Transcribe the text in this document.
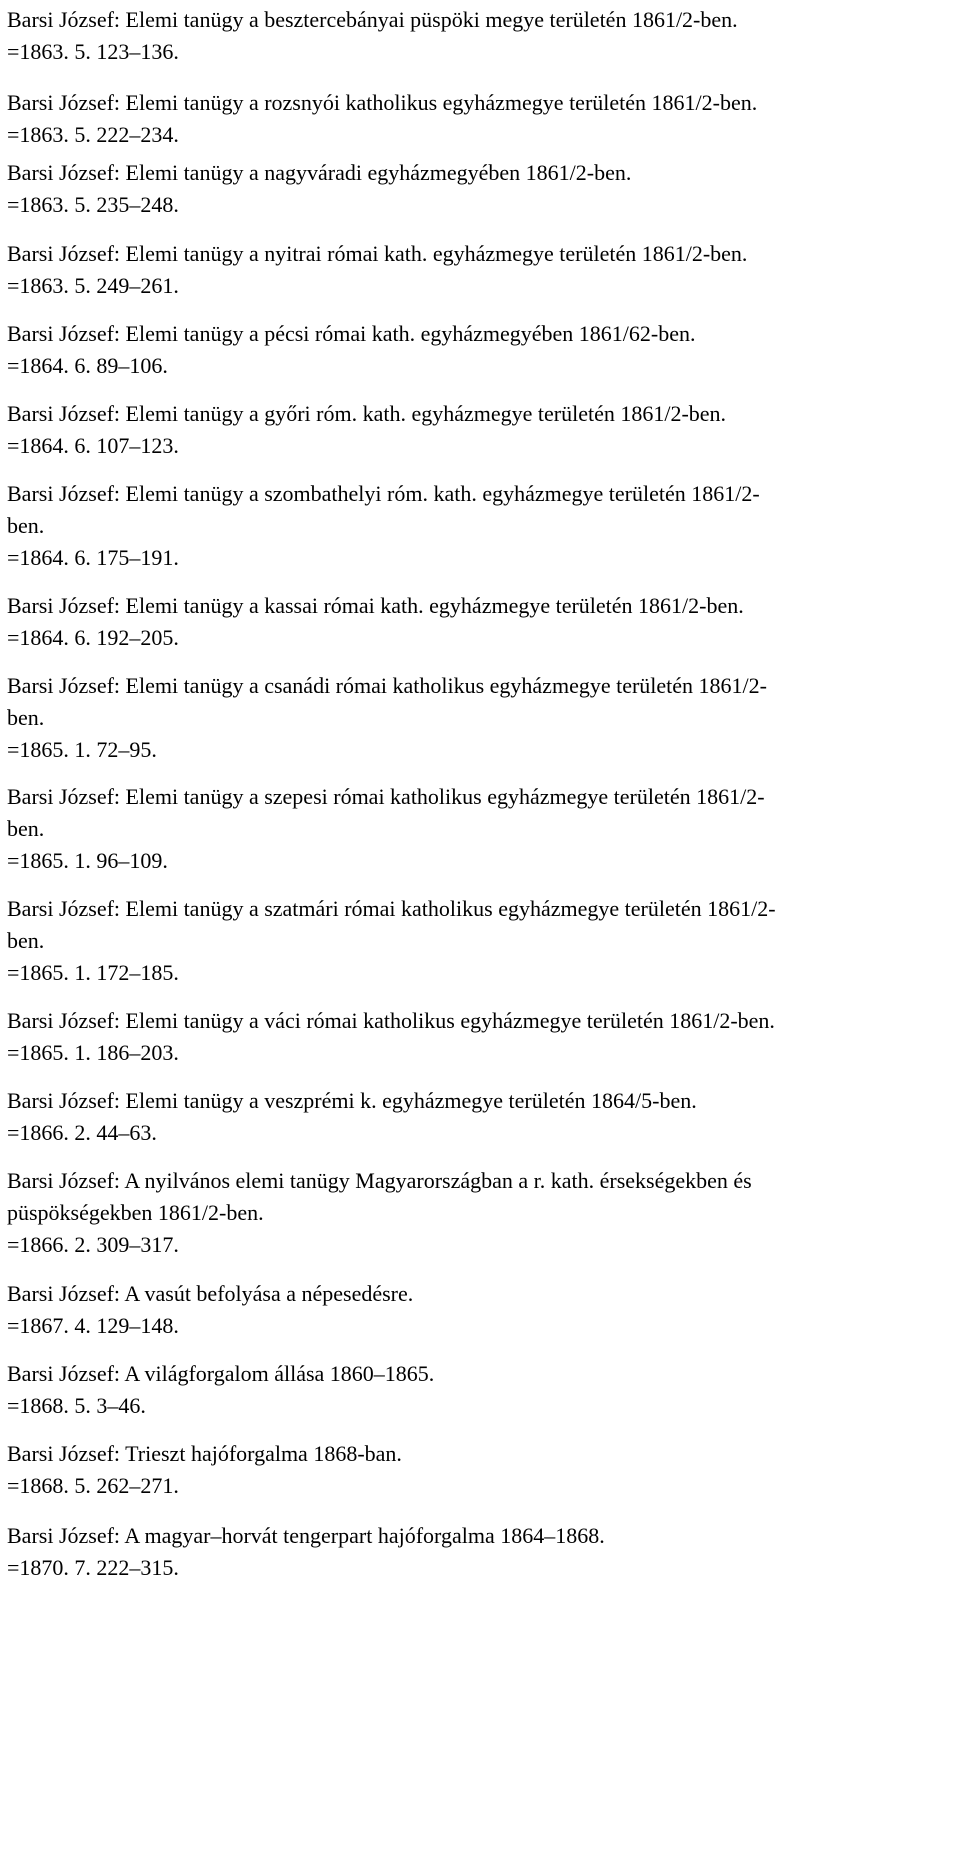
Barsi József: Elemi tanügy a besztercebányai püspöki megye területén 1861/2-ben.
=1863. 5. 123–136.
Barsi József: Elemi tanügy a rozsnyói katholikus egyházmegye területén 1861/2-ben.
=1863. 5. 222–234.
Barsi József: Elemi tanügy a nagyváradi egyházmegyében 1861/2-ben.
=1863. 5. 235–248.
Barsi József: Elemi tanügy a nyitrai római kath. egyházmegye területén 1861/2-ben.
=1863. 5. 249–261.
Barsi József: Elemi tanügy a pécsi római kath. egyházmegyében 1861/62-ben.
=1864. 6. 89–106.
Barsi József: Elemi tanügy a győri róm. kath. egyházmegye területén 1861/2-ben.
=1864. 6. 107–123.
Barsi József: Elemi tanügy a szombathelyi róm. kath. egyházmegye területén 1861/2-
ben.
=1864. 6. 175–191.
Barsi József: Elemi tanügy a kassai római kath. egyházmegye területén 1861/2-ben.
=1864. 6. 192–205.
Barsi József: Elemi tanügy a csanádi római katholikus egyházmegye területén 1861/2-
ben.
=1865. 1. 72–95.
Barsi József: Elemi tanügy a szepesi római katholikus egyházmegye területén 1861/2-
ben.
=1865. 1. 96–109.
Barsi József: Elemi tanügy a szatmári római katholikus egyházmegye területén 1861/2-
ben.
=1865. 1. 172–185.
Barsi József: Elemi tanügy a váci római katholikus egyházmegye területén 1861/2-ben.
=1865. 1. 186–203.
Barsi József: Elemi tanügy a veszprémi k. egyházmegye területén 1864/5-ben.
=1866. 2. 44–63.
Barsi József: A nyilvános elemi tanügy Magyarországban a r. kath. érsekségekben és
püspökségekben 1861/2-ben.
=1866. 2. 309–317.
Barsi József: A vasút befolyása a népesedésre.
=1867. 4. 129–148.
Barsi József: A világforgalom állása 1860–1865.
=1868. 5. 3–46.
Barsi József: Trieszt hajóforgalma 1868-ban.
=1868. 5. 262–271.
Barsi József: A magyar–horvát tengerpart hajóforgalma 1864–1868.
=1870. 7. 222–315.
